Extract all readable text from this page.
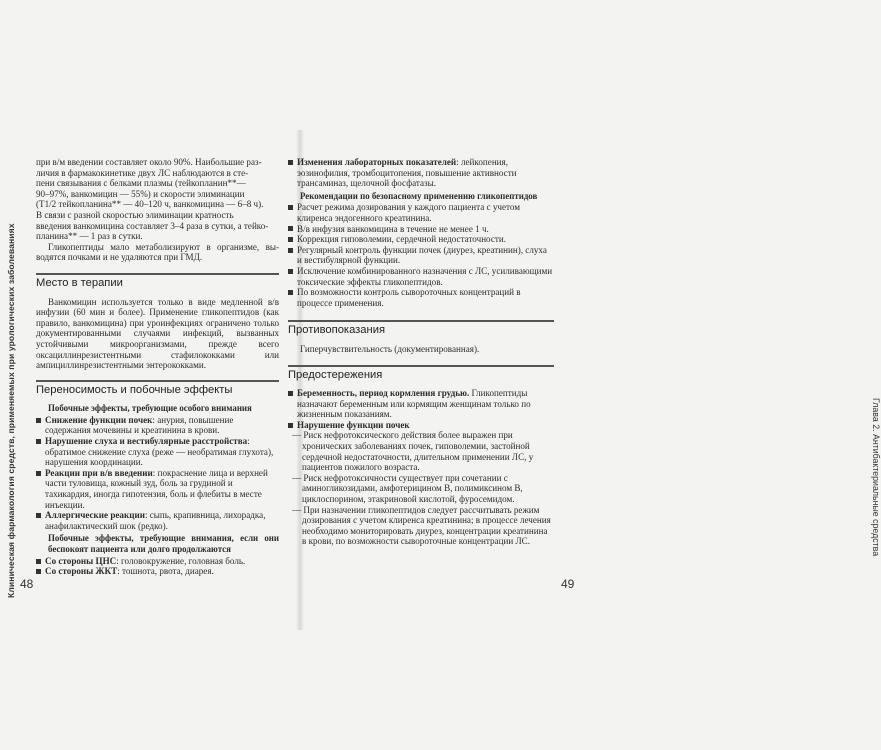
Клиническая фармакология средств, применяемых при урологических заболеваниях 48
при в/м введении составляет около 90%. Наибольшие раз-
личия в фармакокинетике двух ЛС наблюдаются в сте-
пени связывания с белками плазмы (тейкопланин**—
90–97%, ванкомицин — 55%) и скорости элиминации
(T1/2 тейкопланина** — 40–120 ч, ванкомицина — 6–8 ч).
В связи с разной скоростью элиминации кратность
введения ванкомицина составляет 3–4 раза в сутки, а тейко-
планина** — 1 раз в сутки.

Гликопептиды мало метаболизируют в организме, вы-водятся почками и не удаляются при ГМД.

Место в терапии

Ванкомицин используется только в виде медленной в/в инфузии (60 мин и более). Применение гликопептидов (как правило, ванкомицина) при уроинфекциях ограничено только документированными случаями инфекций, вызванных устойчивыми микроорганизмами, прежде всего оксациллинрезистентными стафилококками или ампициллинрезистентными энтерококками.

Переносимость и побочные эффекты
Побочные эффекты, требующие особого внимания
Снижение функции почек: анурия, повышение содержания мочевины и креатинина в крови.
Нарушение слуха и вестибулярные расстройства: обратимое снижение слуха (реже — необратимая глухота), нарушения координации.
Реакции при в/в введении: покраснение лица и верхней части туловища, кожный зуд, боль за грудиной и тахикардия, иногда гипотензия, боль и флебиты в месте инъекции.
Аллергические реакции: сыпь, крапивница, лихорадка, анафилактический шок (редко).
Побочные эффекты, требующие внимания, если они беспокоят пациента или долго продолжаются
Со стороны ЦНС: головокружение, головная боль.
Со стороны ЖКТ: тошнота, рвота, диарея.
Глава 2. Антибактериальные средства
49
Изменения лабораторных показателей: лейкопения, эозинофилия, тромбоцитопения, повышение активности трансаминаз, щелочной фосфатазы.
Рекомендации по безопасному применению гликопептидов
Расчет режима дозирования у каждого пациента с учетом клиренса эндогенного креатинина.
В/в инфузия ванкомицина в течение не менее 1 ч.
Коррекция гиповолемии, сердечной недостаточности.
Регулярный контроль функции почек (диурез, креатинин), слуха и вестибулярной функции.
Исключение комбинированного назначения с ЛС, усиливающими токсические эффекты гликопептидов.
По возможности контроль сывороточных концентраций в процессе применения.
Противопоказания

Гиперчувствительность (документированная).

Предостережения
Беременность, период кормления грудью. Гликопептиды назначают беременным или кормящим женщинам только по жизненным показаниям.
Нарушение функции почек
— Риск нефротоксического действия более выражен при хронических заболеваниях почек, гиповолемии, застойной сердечной недостаточности, длительном применении ЛС, у пациентов пожилого возраста.
— Риск нефротоксичности существует при сочетании с аминогликозидами, амфотерицином В, полимиксином В, циклоспорином, этакриновой кислотой, фуросемидом.
— При назначении гликопептидов следует рассчитывать режим дозирования с учетом клиренса креатинина; в процессе лечения необходимо мониторировать диурез, концентрации креатинина в крови, по возможности сывороточные концентрации ЛС.
